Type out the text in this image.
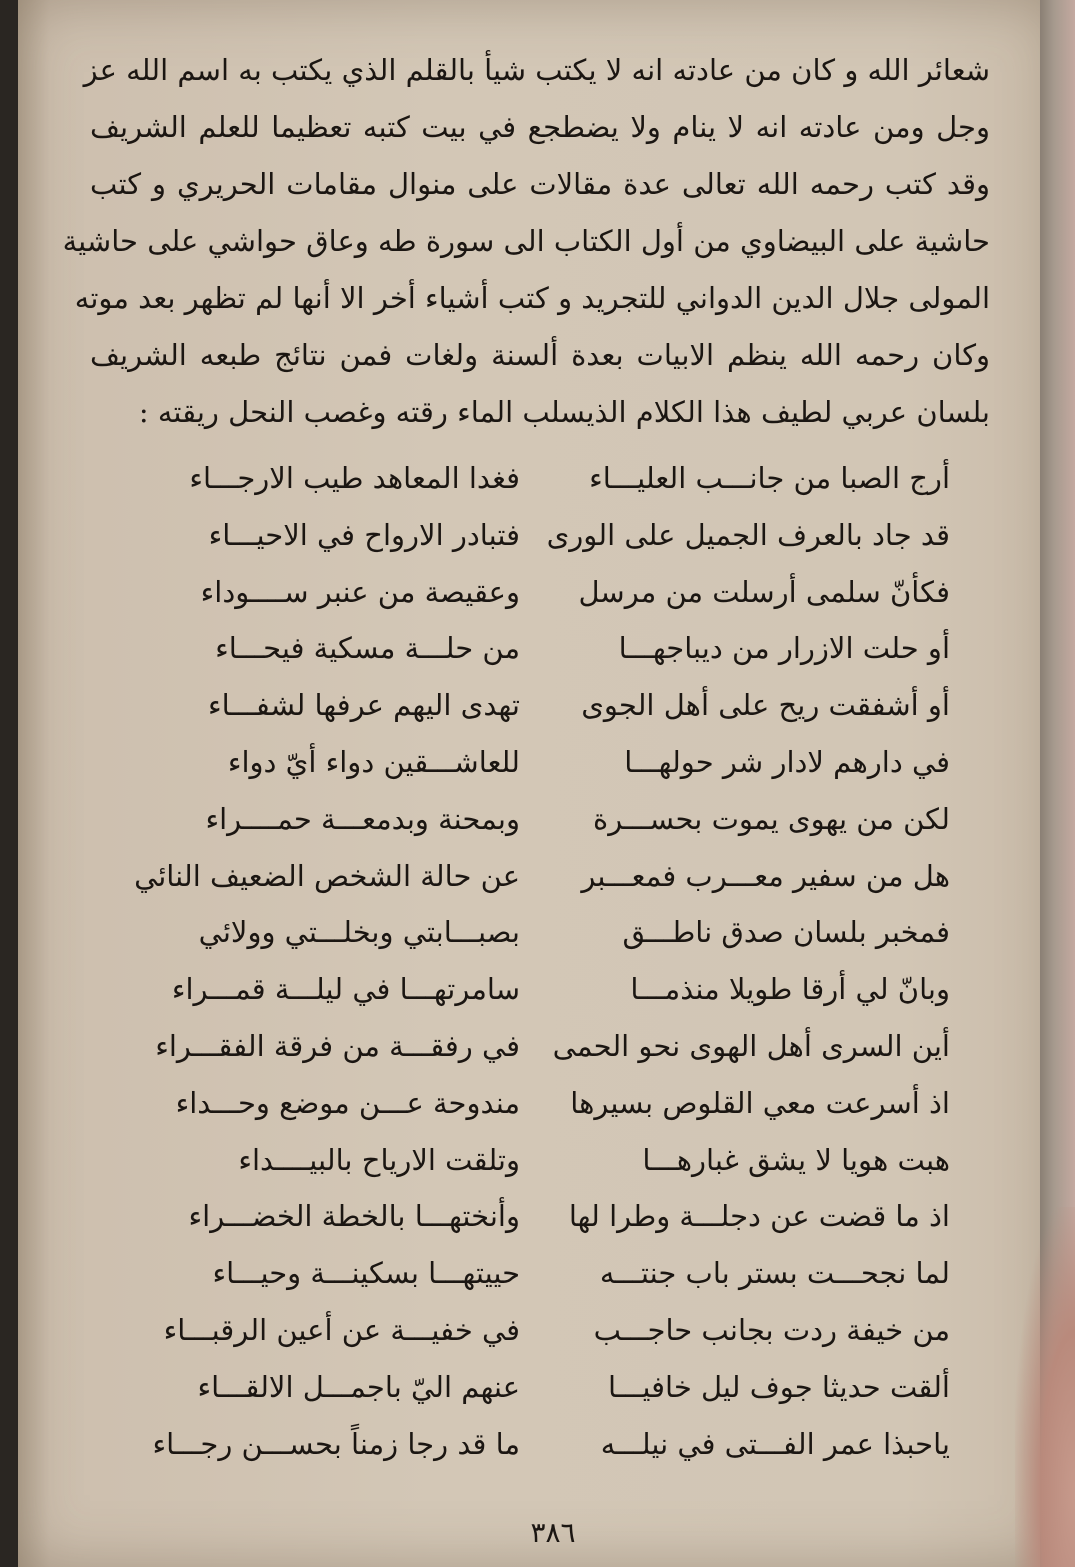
شعائر الله و كان من عادته انه لا يكتب شيأ بالقلم الذي يكتب به اسم الله عز
وجل ومن عادته انه لا ينام ولا يضطجع في بيت كتبه تعظيما للعلم الشريف
وقد كتب رحمه الله تعالى عدة مقالات على منوال مقامات الحريري و كتب
حاشية على البيضاوي من أول الكتاب الى سورة طه وعاق حواشي على حاشية
المولى جلال الدين الدواني للتجريد و كتب أشياء أخر الا أنها لم تظهر بعد موته
وكان رحمه الله ينظم الابيات بعدة ألسنة ولغات فمن نتائج طبعه الشريف
بلسان عربي لطيف هذا الكلام الذيسلب الماء رقته وغصب النحل ريقته :
أرج الصبا من جانـــب العليـــاء
فغدا المعاهد طيب الارجـــاء
قد جاد بالعرف الجميل على الورى
فتبادر الارواح في الاحيـــاء
فكأنّ سلمى أرسلت من مرسل
وعقيصة من عنبر ســــوداء
أو حلت الازرار من ديباجهـــا
من حلـــة مسكية فيحـــاء
أو أشفقت ريح على أهل الجوى
تهدى اليهم عرفها لشفـــاء
في دارهم لادار شر حولهـــا
للعاشـــقين دواء أيّ دواء
لكن من يهوى يموت بحســـرة
وبمحنة وبدمعـــة حمــــراء
هل من سفير معـــرب فمعـــبر
عن حالة الشخص الضعيف النائي
فمخبر بلسان صدق ناطـــق
بصبـــابتي وبخلـــتي وولائي
وبانّ لي أرقا طويلا منذمـــا
سامرتهـــا في ليلـــة قمـــراء
أين السرى أهل الهوى نحو الحمى
في رفقـــة من فرقة الفقـــراء
اذ أسرعت معي القلوص بسيرها
مندوحة عـــن موضع وحـــداء
هبت هويا لا يشق غبارهـــا
وتلقت الارياح بالبيــــداء
اذ ما قضت عن دجلـــة وطرا لها
وأنختهـــا بالخطة الخضـــراء
لما نجحـــت بستر باب جنتـــه
حييتهـــا بسكينـــة وحيـــاء
من خيفة ردت بجانب حاجـــب
في خفيـــة عن أعين الرقبـــاء
ألقت حديثا جوف ليل خافيـــا
عنهم اليّ باجمـــل الالقـــاء
ياحبذا عمر الفـــتى في نيلـــه
ما قد رجا زمناً بحســـن رجـــاء
٣٨٦
